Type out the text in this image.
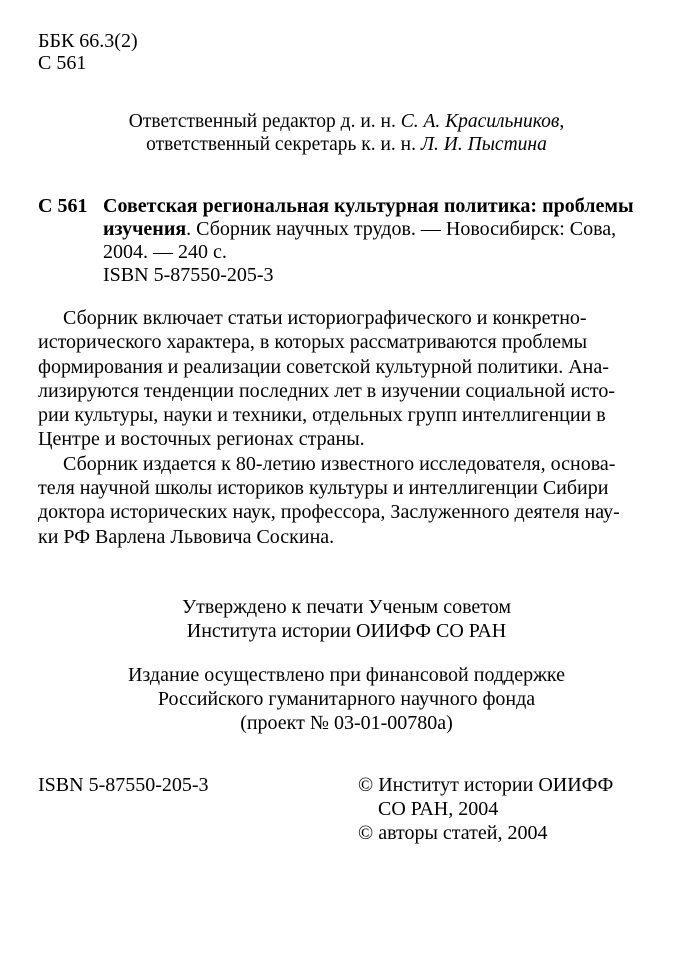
ББК 66.3(2)
С 561
Ответственный редактор д. и. н. С. А. Красильников,
ответственный секретарь к. и. н. Л. И. Пыстина
С 561 Советская региональная культурная политика: проблемы
изучения. Сборник научных трудов. — Новосибирск: Сова,
2004. — 240 с.
ISBN 5-87550-205-3
Сборник включает статьи историографического и конкретно-
исторического характера, в которых рассматриваются проблемы
формирования и реализации советской культурной политики. Ана-
лизируются тенденции последних лет в изучении социальной исто-
рии культуры, науки и техники, отдельных групп интеллигенции в
Центре и восточных регионах страны.
Сборник издается к 80-летию известного исследователя, основа-
теля научной школы историков культуры и интеллигенции Сибири
доктора исторических наук, профессора, Заслуженного деятеля нау-
ки РФ Варлена Львовича Соскина.
Утверждено к печати Ученым советом
Института истории ОИИФФ СО РАН
Издание осуществлено при финансовой поддержке
Российского гуманитарного научного фонда
(проект № 03-01-00780а)
ISBN 5-87550-205-3	© Институт истории ОИИФФ
СО РАН, 2004
© авторы статей, 2004
